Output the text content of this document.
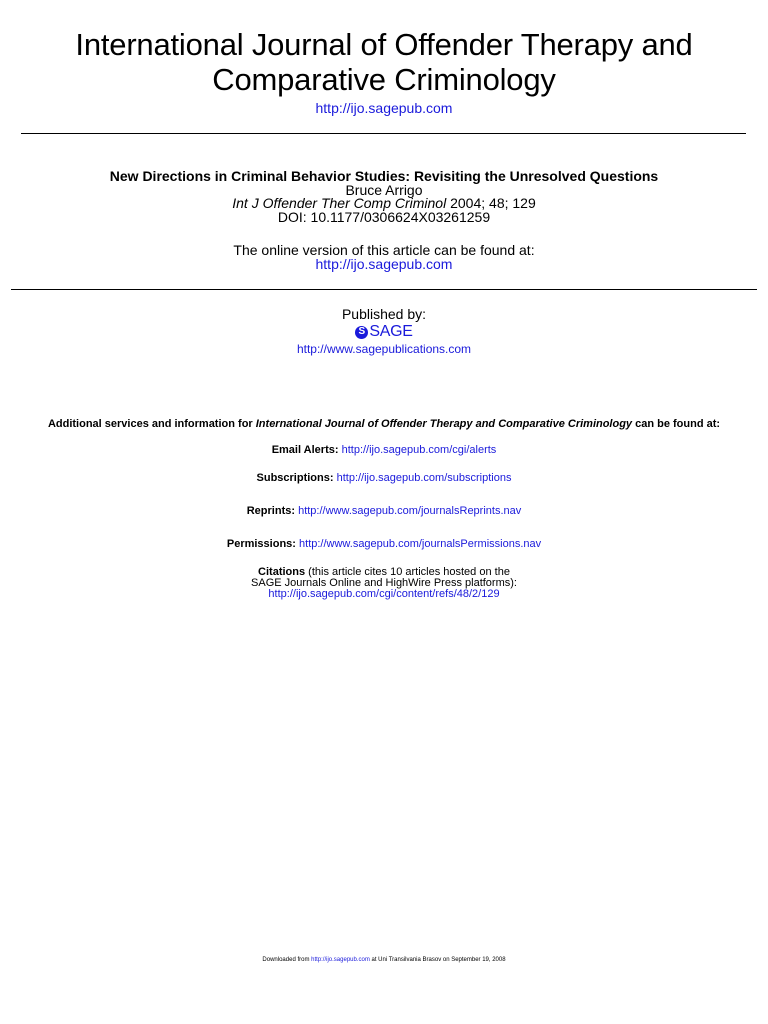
International Journal of Offender Therapy and
Comparative Criminology
http://ijo.sagepub.com
New Directions in Criminal Behavior Studies: Revisiting the Unresolved Questions
Bruce Arrigo
Int J Offender Ther Comp Criminol 2004; 48; 129
DOI: 10.1177/0306624X03261259
The online version of this article can be found at:
http://ijo.sagepub.com
Published by:
S SAGE
http://www.sagepublications.com
Additional services and information for International Journal of Offender Therapy and Comparative Criminology can be found at:
Email Alerts: http://ijo.sagepub.com/cgi/alerts
Subscriptions: http://ijo.sagepub.com/subscriptions
Reprints: http://www.sagepub.com/journalsReprints.nav
Permissions: http://www.sagepub.com/journalsPermissions.nav
Citations (this article cites 10 articles hosted on the
SAGE Journals Online and HighWire Press platforms):
http://ijo.sagepub.com/cgi/content/refs/48/2/129
Downloaded from http://ijo.sagepub.com at Uni Transilvania Brasov on September 19, 2008
